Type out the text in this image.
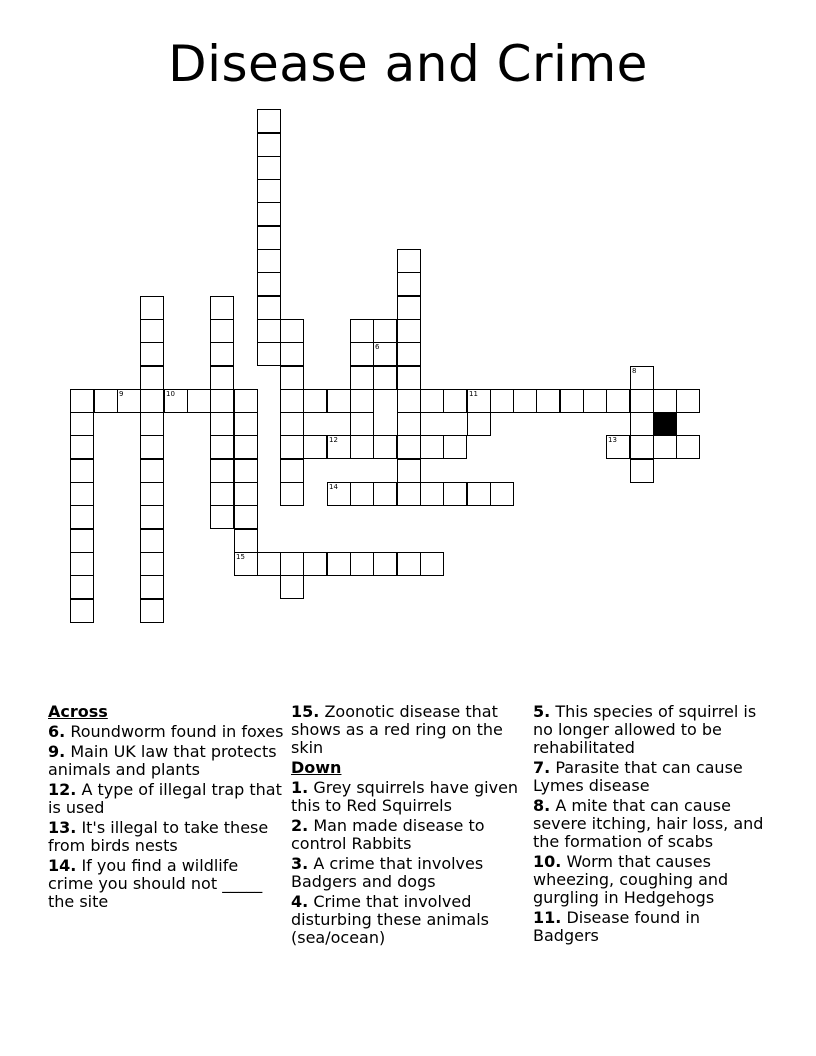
Disease and Crime
6
9	10	11
15
8
12	13
14
Across
6. Roundworm found in foxes
9. Main UK law that protects animals and plants
12. A type of illegal trap that is used
13. It's illegal to take these from birds nests
14. If you find a wildlife crime you should not _____ the site
15. Zoonotic disease that shows as a red ring on the skin
Down
1. Grey squirrels have given this to Red Squirrels
2. Man made disease to control Rabbits
3. A crime that involves Badgers and dogs
4. Crime that involved disturbing these animals (sea/ocean)
5. This species of squirrel is no longer allowed to be rehabilitated
7. Parasite that can cause Lymes disease
8. A mite that can cause severe itching, hair loss, and the formation of scabs
10. Worm that causes wheezing, coughing and gurgling in Hedgehogs
11. Disease found in Badgers
